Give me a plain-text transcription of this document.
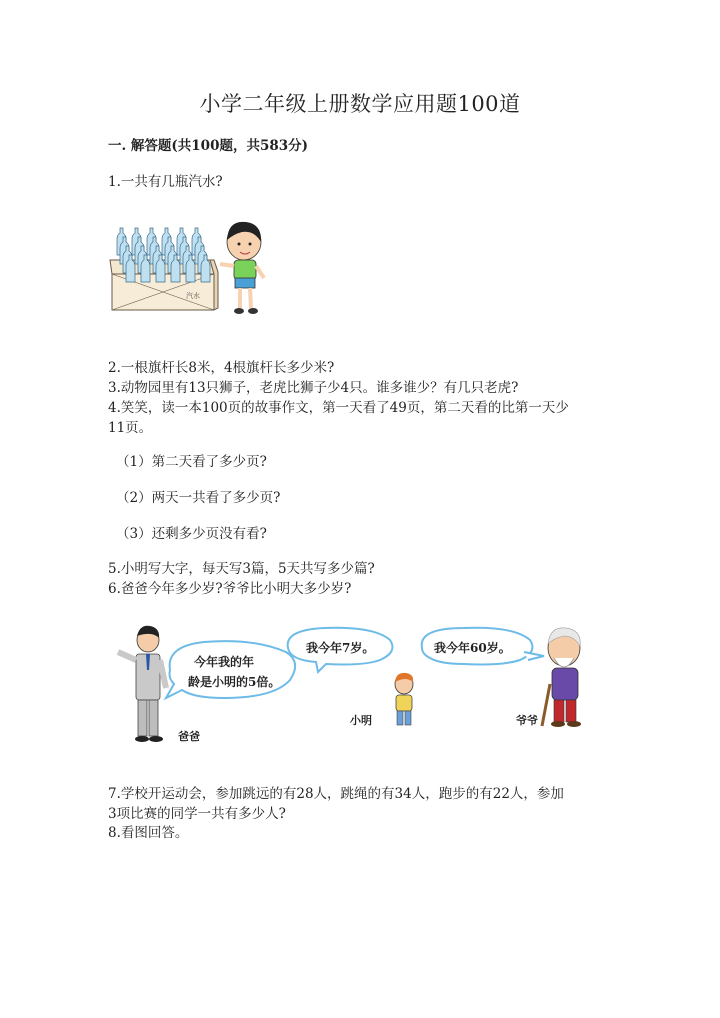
小学二年级上册数学应用题100道
一. 解答题(共100题，共583分)
1.一共有几瓶汽水?
汽水
2.一根旗杆长8米，4根旗杆长多少米?
3.动物园里有13只狮子，老虎比狮子少4只。谁多谁少？有几只老虎?
4.笑笑，读一本100页的故事作文，第一天看了49页，第二天看的比第一天少
11页。
（1）第二天看了多少页?
（2）两天一共看了多少页?
（3）还剩多少页没有看?
5.小明写大字，每天写3篇，5天共写多少篇?
6.爸爸今年多少岁?爷爷比小明大多少岁?
今年我的年
龄是小明的5倍。
爸爸
我今年7岁。
小明
我今年60岁。
爷爷
7.学校开运动会，参加跳远的有28人，跳绳的有34人，跑步的有22人，参加
3项比赛的同学一共有多少人?
8.看图回答。
